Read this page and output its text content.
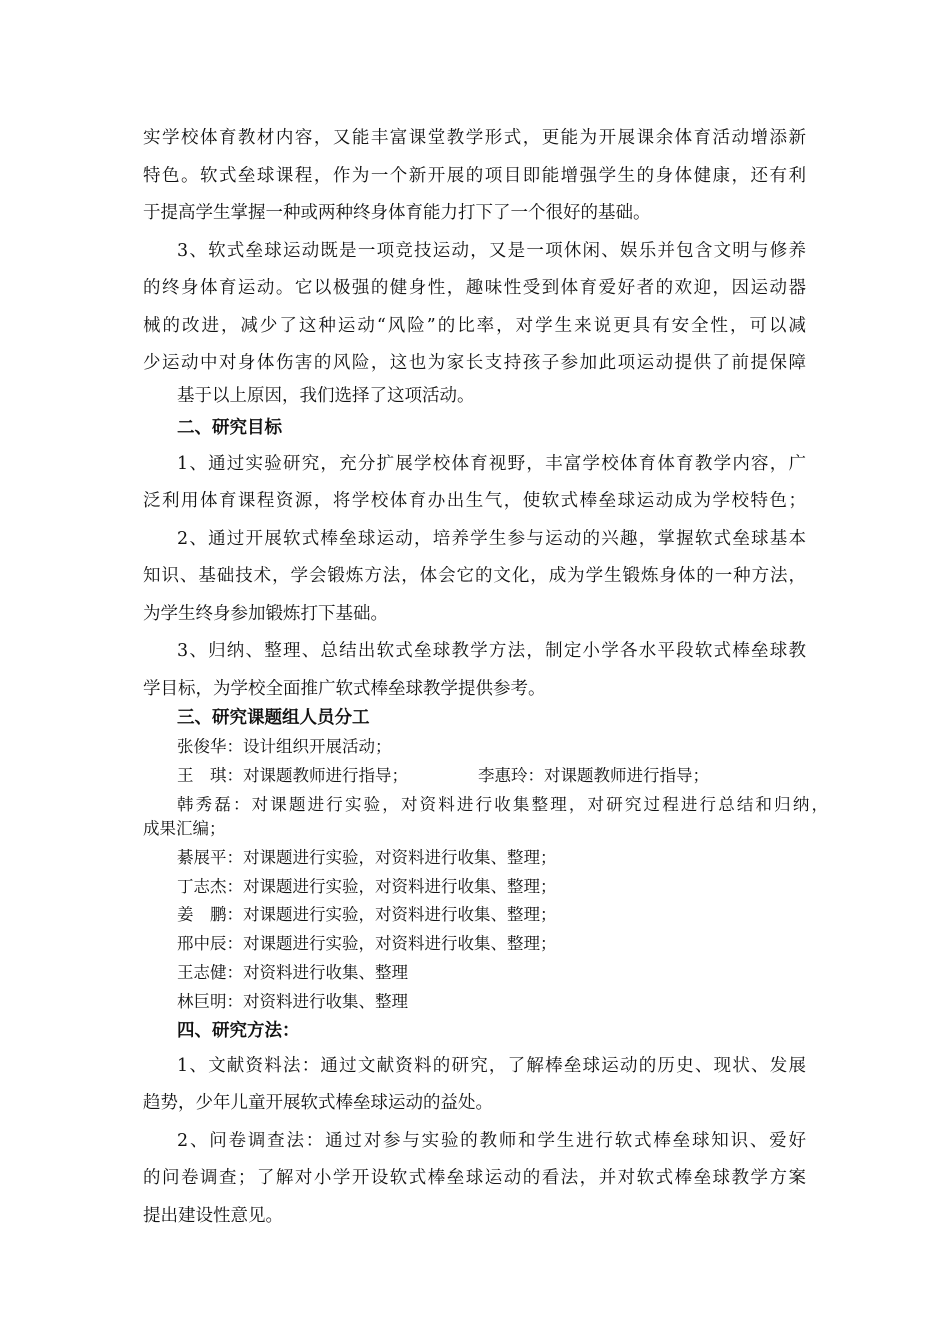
实学校体育教材内容，又能丰富课堂教学形式，更能为开展课余体育活动增添新
特色。软式垒球课程，作为一个新开展的项目即能增强学生的身体健康，还有利
于提高学生掌握一种或两种终身体育能力打下了一个很好的基础。
3、软式垒球运动既是一项竞技运动，又是一项休闲、娱乐并包含文明与修养
的终身体育运动。它以极强的健身性，趣味性受到体育爱好者的欢迎，因运动器
械的改进，减少了这种运动“风险”的比率，对学生来说更具有安全性，可以减
少运动中对身体伤害的风险，这也为家长支持孩子参加此项运动提供了前提保障
基于以上原因，我们选择了这项活动。
二、研究目标
1、通过实验研究，充分扩展学校体育视野，丰富学校体育体育教学内容，广
泛利用体育课程资源，将学校体育办出生气，使软式棒垒球运动成为学校特色；
2、通过开展软式棒垒球运动，培养学生参与运动的兴趣，掌握软式垒球基本
知识、基础技术，学会锻炼方法，体会它的文化，成为学生锻炼身体的一种方法，
为学生终身参加锻炼打下基础。
3、归纳、整理、总结出软式垒球教学方法，制定小学各水平段软式棒垒球教
学目标，为学校全面推广软式棒垒球教学提供参考。
三、研究课题组人员分工
张俊华：设计组织开展活动；
王　琪：对课题教师进行指导；	李惠玲：对课题教师进行指导；
韩秀磊：对课题进行实验，对资料进行收集整理，对研究过程进行总结和归纳，
成果汇编；
綦展平：对课题进行实验，对资料进行收集、整理；
丁志杰：对课题进行实验，对资料进行收集、整理；
姜　鹏：对课题进行实验，对资料进行收集、整理；
邢中辰：对课题进行实验，对资料进行收集、整理；
王志健：对资料进行收集、整理
林巨明：对资料进行收集、整理
四、研究方法：
1、文献资料法：通过文献资料的研究，了解棒垒球运动的历史、现状、发展
趋势，少年儿童开展软式棒垒球运动的益处。
2、问卷调查法：通过对参与实验的教师和学生进行软式棒垒球知识、爱好
的问卷调查；了解对小学开设软式棒垒球运动的看法，并对软式棒垒球教学方案
提出建设性意见。
